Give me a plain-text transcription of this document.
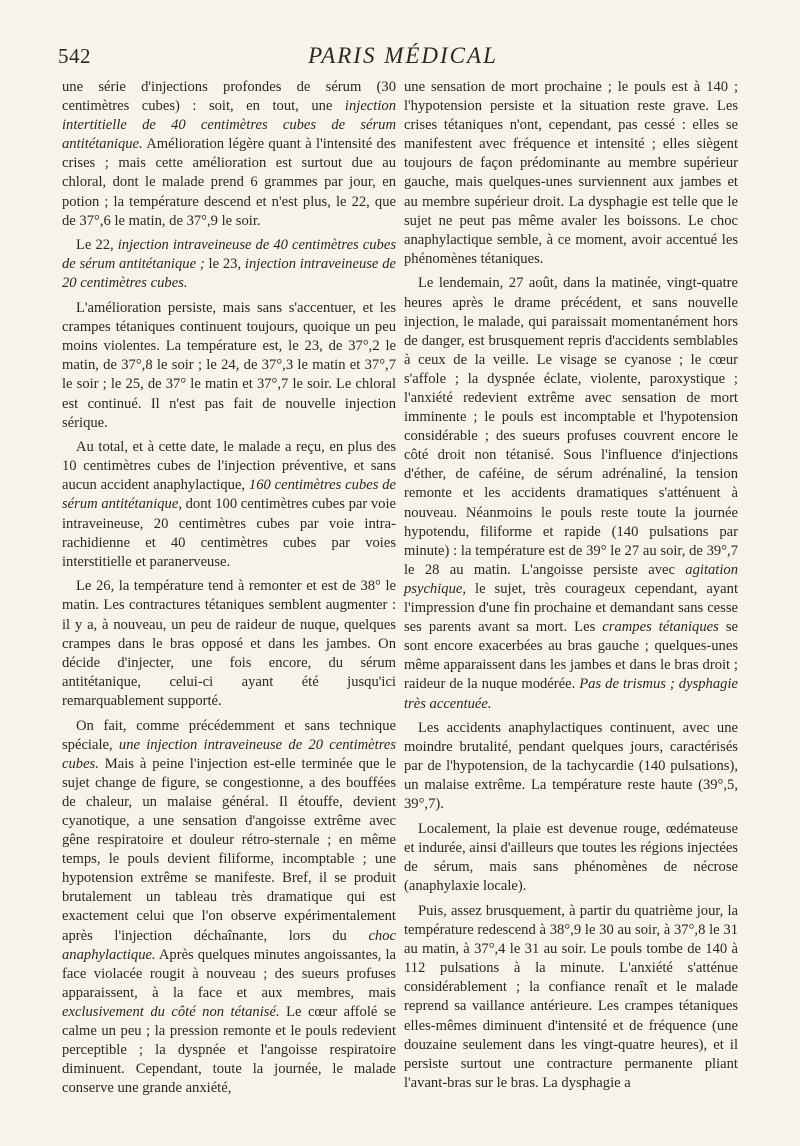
542	PARIS MÉDICAL

une série d'injections profondes de sérum (30 centimètres cubes) : soit, en tout, une injection intertitielle de 40 centimètres cubes de sérum antitétanique. Amélioration légère quant à l'intensité des crises ; mais cette amélioration est surtout due au chloral, dont le malade prend 6 grammes par jour, en potion ; la température descend et n'est plus, le 22, que de 37°,6 le matin, de 37°,9 le soir.

Le 22, injection intraveineuse de 40 centimètres cubes de sérum antitétanique ; le 23, injection intraveineuse de 20 centimètres cubes.

L'amélioration persiste, mais sans s'accentuer, et les crampes tétaniques continuent toujours, quoique un peu moins violentes. La température est, le 23, de 37°,2 le matin, de 37°,8 le soir ; le 24, de 37°,3 le matin et 37°,7 le soir ; le 25, de 37° le matin et 37°,7 le soir. Le chloral est continué. Il n'est pas fait de nouvelle injection sérique.

Au total, et à cette date, le malade a reçu, en plus des 10 centimètres cubes de l'injection préventive, et sans aucun accident anaphylactique, 160 centimètres cubes de sérum antitétanique, dont 100 centimètres cubes par voie intraveineuse, 20 centimètres cubes par voie intra-rachidienne et 40 centimètres cubes par voies interstitielle et paranerveuse.

Le 26, la température tend à remonter et est de 38° le matin. Les contractures tétaniques semblent augmenter : il y a, à nouveau, un peu de raideur de nuque, quelques crampes dans le bras opposé et dans les jambes. On décide d'injecter, une fois encore, du sérum antitétanique, celui-ci ayant été jusqu'ici remarquablement supporté.

On fait, comme précédemment et sans technique spéciale, une injection intraveineuse de 20 centimètres cubes. Mais à peine l'injection est-elle terminée que le sujet change de figure, se congestionne, a des bouffées de chaleur, un malaise général. Il étouffe, devient cyanotique, a une sensation d'angoisse extrême avec gêne respiratoire et douleur rétro-sternale ; en même temps, le pouls devient filiforme, incomptable ; une hypotension extrême se manifeste. Bref, il se produit brutalement un tableau très dramatique qui est exactement celui que l'on observe expérimentalement après l'injection déchaînante, lors du choc anaphylactique. Après quelques minutes angoissantes, la face violacée rougit à nouveau ; des sueurs profuses apparaissent, à la face et aux membres, mais exclusivement du côté non tétanisé. Le cœur affolé se calme un peu ; la pression remonte et le pouls redevient perceptible ; la dyspnée et l'angoisse respiratoire diminuent. Cependant, toute la journée, le malade conserve une grande anxiété,

une sensation de mort prochaine ; le pouls est à 140 ; l'hypotension persiste et la situation reste grave. Les crises tétaniques n'ont, cependant, pas cessé : elles se manifestent avec fréquence et intensité ; elles siègent toujours de façon prédominante au membre supérieur gauche, mais quelques-unes surviennent aux jambes et au membre supérieur droit. La dysphagie est telle que le sujet ne peut pas même avaler les boissons. Le choc anaphylactique semble, à ce moment, avoir accentué les phénomènes tétaniques.

Le lendemain, 27 août, dans la matinée, vingt-quatre heures après le drame précédent, et sans nouvelle injection, le malade, qui paraissait momentanément hors de danger, est brusquement repris d'accidents semblables à ceux de la veille. Le visage se cyanose ; le cœur s'affole ; la dyspnée éclate, violente, paroxystique ; l'anxiété redevient extrême avec sensation de mort imminente ; le pouls est incomptable et l'hypotension considérable ; des sueurs profuses couvrent encore le côté droit non tétanisé. Sous l'influence d'injections d'éther, de caféine, de sérum adrénaliné, la tension remonte et les accidents dramatiques s'atténuent à nouveau. Néanmoins le pouls reste toute la journée hypotendu, filiforme et rapide (140 pulsations par minute) : la température est de 39° le 27 au soir, de 39°,7 le 28 au matin. L'angoisse persiste avec agitation psychique, le sujet, très courageux cependant, ayant l'impression d'une fin prochaine et demandant sans cesse ses parents avant sa mort. Les crampes tétaniques se sont encore exacerbées au bras gauche ; quelques-unes même apparaissent dans les jambes et dans le bras droit ; raideur de la nuque modérée. Pas de trismus ; dysphagie très accentuée.

Les accidents anaphylactiques continuent, avec une moindre brutalité, pendant quelques jours, caractérisés par de l'hypotension, de la tachycardie (140 pulsations), un malaise extrême. La température reste haute (39°,5, 39°,7).

Localement, la plaie est devenue rouge, œdémateuse et indurée, ainsi d'ailleurs que toutes les régions injectées de sérum, mais sans phénomènes de nécrose (anaphylaxie locale).

Puis, assez brusquement, à partir du quatrième jour, la température redescend à 38°,9 le 30 au soir, à 37°,8 le 31 au matin, à 37°,4 le 31 au soir. Le pouls tombe de 140 à 112 pulsations à la minute. L'anxiété s'atténue considérablement ; la confiance renaît et le malade reprend sa vaillance antérieure. Les crampes tétaniques elles-mêmes diminuent d'intensité et de fréquence (une douzaine seulement dans les vingt-quatre heures), et il persiste surtout une contracture permanente pliant l'avant-bras sur le bras. La dysphagie a
